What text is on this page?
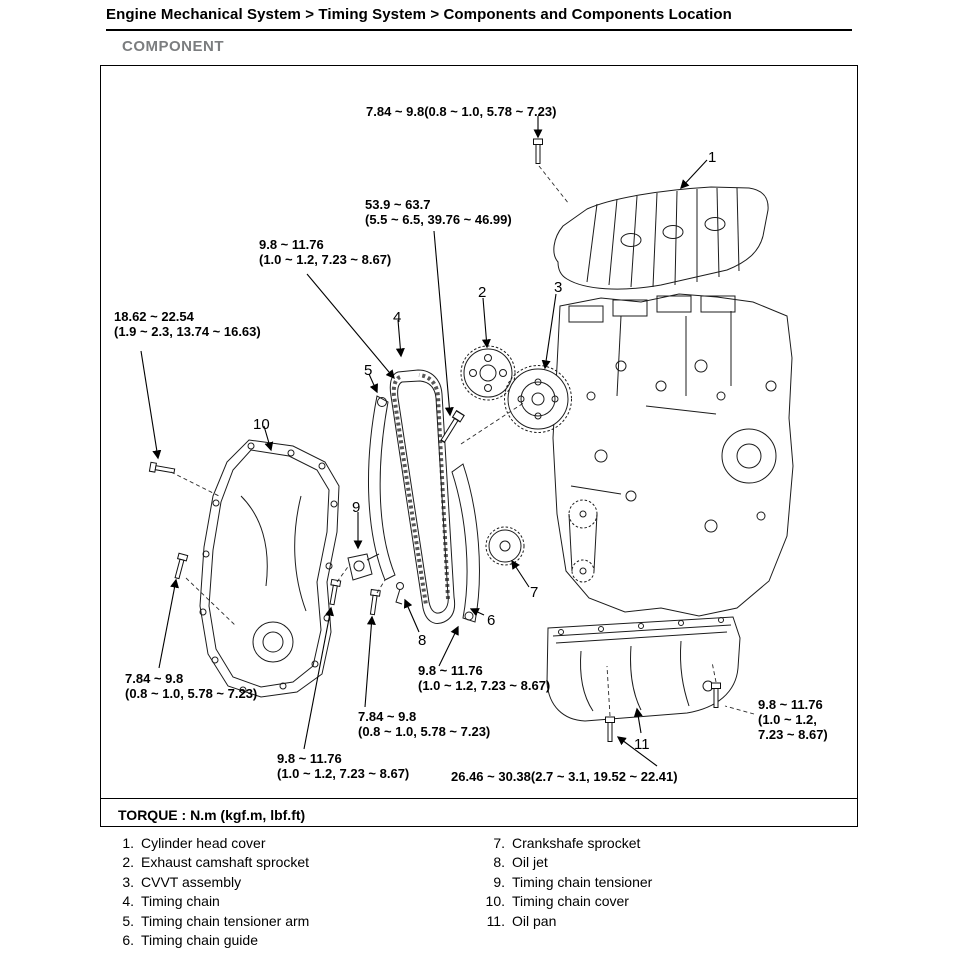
Engine Mechanical System > Timing System > Components and Components Location
COMPONENT
7.84 ~ 9.8(0.8 ~ 1.0, 5.78 ~ 7.23)
53.9 ~ 63.7
(5.5 ~ 6.5, 39.76 ~ 46.99)
9.8 ~ 11.76
(1.0 ~ 1.2, 7.23 ~ 8.67)
18.62 ~ 22.54
(1.9 ~ 2.3, 13.74 ~ 16.63)
7.84 ~ 9.8
(0.8 ~ 1.0, 5.78 ~ 7.23)
9.8 ~ 11.76
(1.0 ~ 1.2, 7.23 ~ 8.67)
7.84 ~ 9.8
(0.8 ~ 1.0, 5.78 ~ 7.23)
9.8 ~ 11.76
(1.0 ~ 1.2, 7.23 ~ 8.67)
26.46 ~ 30.38(2.7 ~ 3.1, 19.52 ~ 22.41)
9.8 ~ 11.76
(1.0 ~ 1.2,
7.23 ~ 8.67)
1
2	3
4
5
6
7
8
9
10
11
TORQUE : N.m (kgf.m, lbf.ft)
1. Cylinder head cover
2. Exhaust camshaft sprocket
3. CVVT assembly
4. Timing chain
5. Timing chain tensioner arm
6. Timing chain guide
7. Crankshafe sprocket
8. Oil jet
9. Timing chain tensioner
10. Timing chain cover
11. Oil pan
